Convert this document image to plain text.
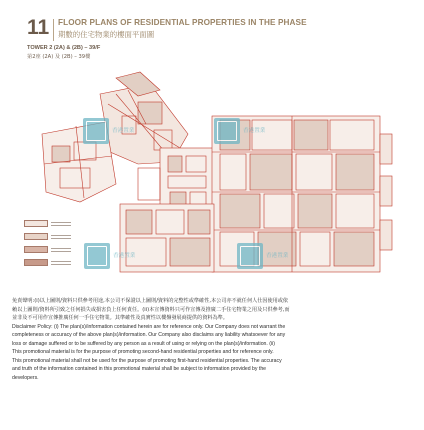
11 FLOOR PLANS OF RESIDENTIAL PROPERTIES IN THE PHASE
期數的住宅物業的樓面平面圖
TOWER 2 (2A) & (2B) – 39/F
第2座 (2A) 及 (2B) – 39樓
香港置業	香港置業
香港置業	香港置業

免責聲明:(i)以上圖則/資料只供參考用途,本公司不保證以上圖則/資料的完整性或準確性,本公司亦不就任何人仕因使用或依

賴以上圖則/資料所引致之任何損失或損害負上任何責任。(ii)本宣傳資料只可作宣傳及推廣二手住宅物業之用及只供參考,而

並非及不可用作宣傳推廣任何一手住宅物業。其準確性及真實性以樓盤發展商提供的資料為準。

Disclaimer Policy: (i) The plan(s)/information contained herein are for reference only. Our Company does not warrant the

completeness or accuracy of the above plan(s)/information. Our Company also disclaims any liability whatsoever for any

loss or damage suffered or to be suffered by any person as a result of using or relying on the plan(s)/information. (ii)

This promotional material is for the purpose of promoting second-hand residential properties and for reference only.

This promotional material shall not be used for the purpose of promoting first-hand residential properties. The accuracy

and truth of the information contained in this promotional material shall be subject to information provided by the

developers.
